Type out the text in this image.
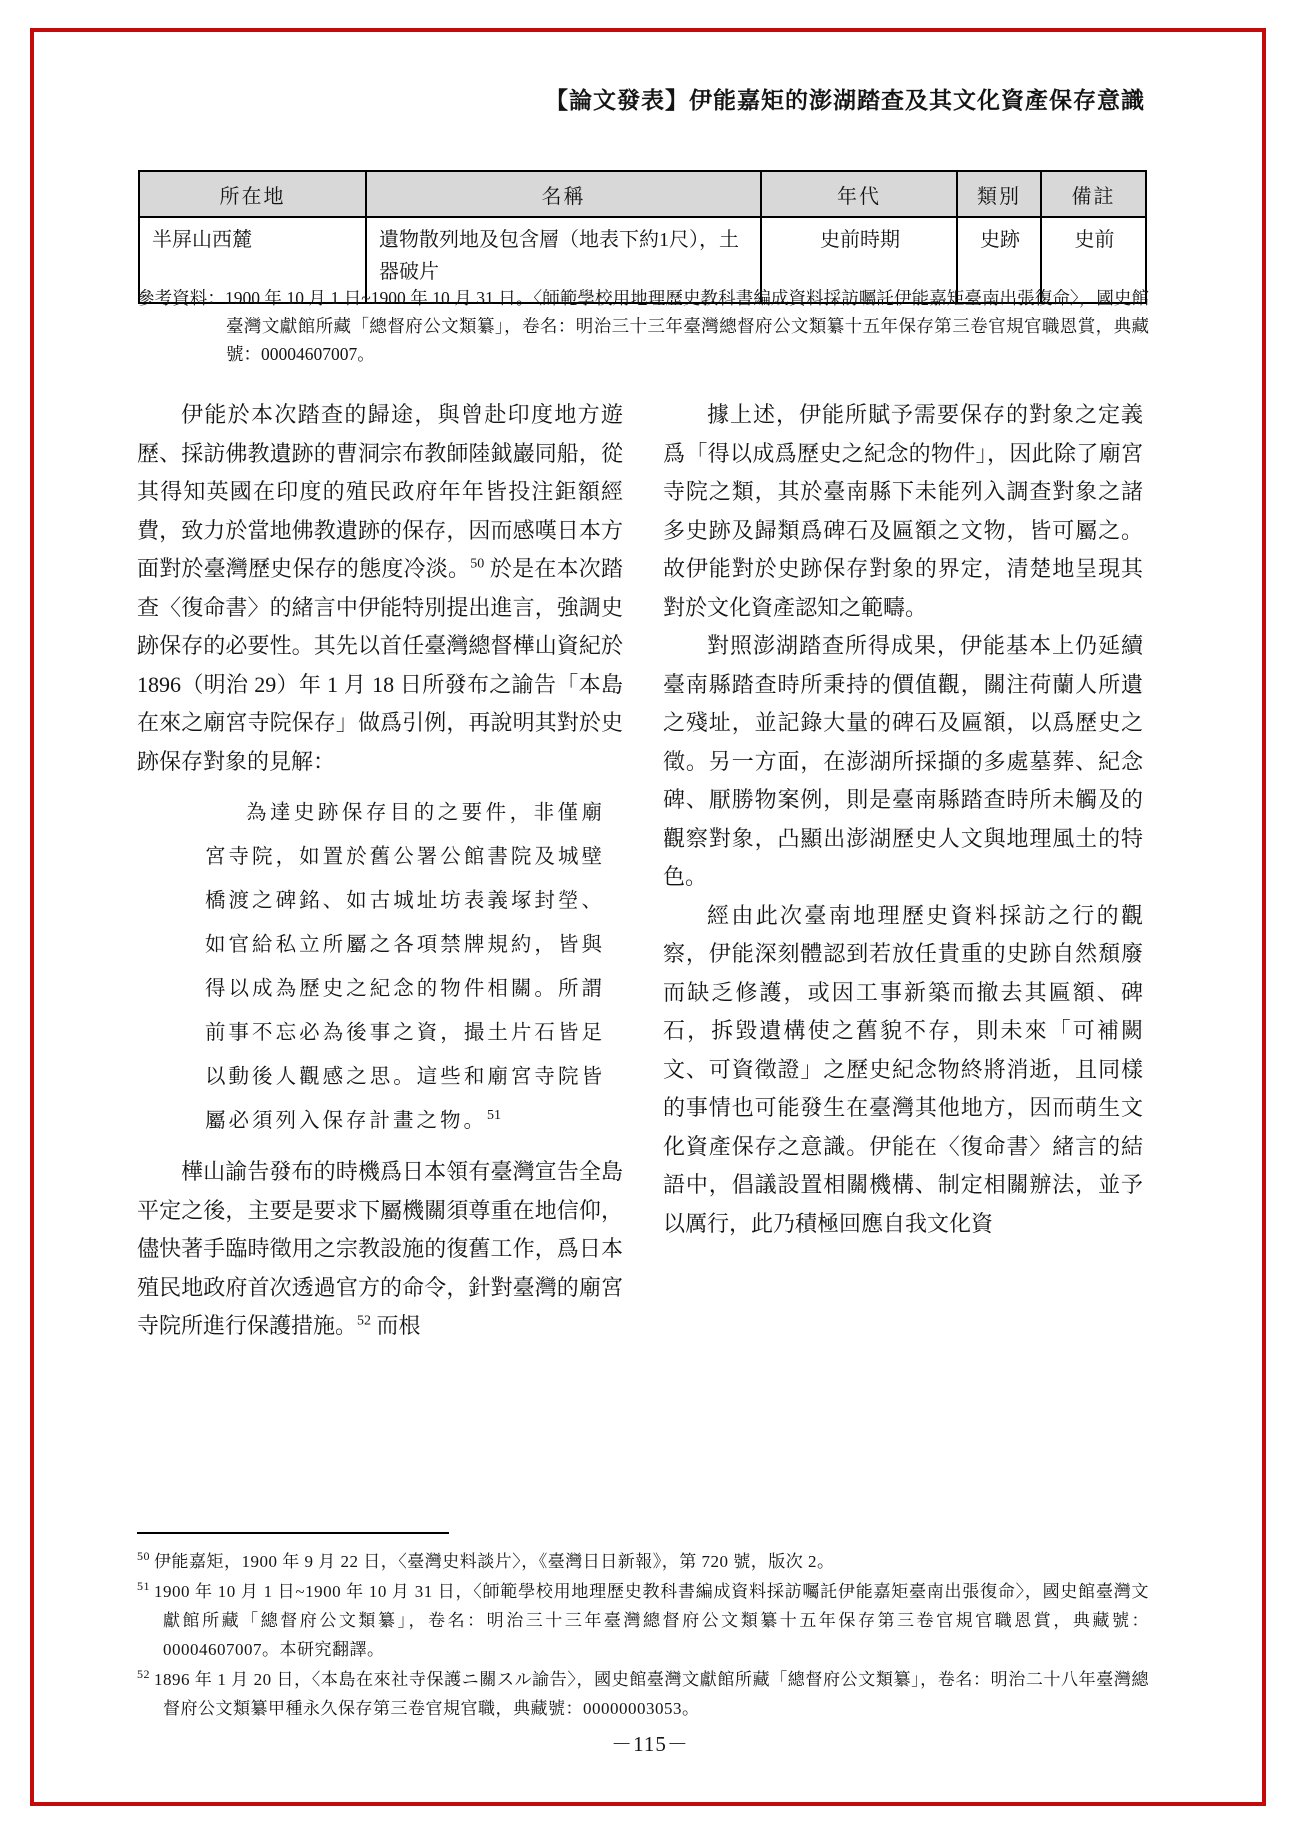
【論文發表】伊能嘉矩的澎湖踏查及其文化資產保存意識
所在地	名稱	年代	類別	備註
半屏山西麓	遺物散列地及包含層（地表下約1尺），土器破片	史前時期	史跡	史前
參考資料：1900 年 10 月 1 日~1900 年 10 月 31 日。〈師範學校用地理歷史教科書編成資料採訪囑託伊能嘉矩臺南出張復命〉，國史館臺灣文獻館所藏「總督府公文類纂」，卷名：明治三十三年臺灣總督府公文類纂十五年保存第三卷官規官職恩賞，典藏號：00004607007。

伊能於本次踏查的歸途，與曾赴印度地方遊歷、採訪佛教遺跡的曹洞宗布教師陸鉞巖同船，從其得知英國在印度的殖民政府年年皆投注鉅額經費，致力於當地佛教遺跡的保存，因而感嘆日本方面對於臺灣歷史保存的態度冷淡。$^{50}$ 於是在本次踏查〈復命書〉的緒言中伊能特別提出進言，強調史跡保存的必要性。其先以首任臺灣總督樺山資紀於 1896（明治 29）年 1 月 18 日所發布之諭告「本島在來之廟宮寺院保存」做爲引例，再說明其對於史跡保存對象的見解：

為達史跡保存目的之要件，非僅廟宮寺院，如置於舊公署公館書院及城壁橋渡之碑銘、如古城址坊表義塚封塋、如官給私立所屬之各項禁牌規約，皆與得以成為歷史之紀念的物件相關。所謂前事不忘必為後事之資，撮土片石皆足以動後人觀感之思。這些和廟宮寺院皆屬必須列入保存計畫之物。$^{51}$

樺山諭告發布的時機爲日本領有臺灣宣告全島平定之後，主要是要求下屬機關須尊重在地信仰，儘快著手臨時徵用之宗教設施的復舊工作，爲日本殖民地政府首次透過官方的命令，針對臺灣的廟宮寺院所進行保護措施。$^{52}$ 而根

據上述，伊能所賦予需要保存的對象之定義爲「得以成爲歷史之紀念的物件」，因此除了廟宮寺院之類，其於臺南縣下未能列入調查對象之諸多史跡及歸類爲碑石及匾額之文物，皆可屬之。故伊能對於史跡保存對象的界定，清楚地呈現其對於文化資產認知之範疇。

對照澎湖踏查所得成果，伊能基本上仍延續臺南縣踏查時所秉持的價值觀，關注荷蘭人所遺之殘址，並記錄大量的碑石及匾額，以爲歷史之徵。另一方面，在澎湖所採擷的多處墓葬、紀念碑、厭勝物案例，則是臺南縣踏查時所未觸及的觀察對象，凸顯出澎湖歷史人文與地理風土的特色。

經由此次臺南地理歷史資料採訪之行的觀察，伊能深刻體認到若放任貴重的史跡自然頹廢而缺乏修護，或因工事新築而撤去其匾額、碑石，拆毀遺構使之舊貌不存，則未來「可補闕文、可資徵證」之歷史紀念物終將消逝，且同樣的事情也可能發生在臺灣其他地方，因而萌生文化資產保存之意識。伊能在〈復命書〉緒言的結語中，倡議設置相關機構、制定相關辦法，並予以厲行，此乃積極回應自我文化資

$^{50}$ 伊能嘉矩，1900 年 9 月 22 日，〈臺灣史料談片〉，《臺灣日日新報》，第 720 號，版次 2。

$^{51}$ 1900 年 10 月 1 日~1900 年 10 月 31 日，〈師範學校用地理歷史教科書編成資料採訪囑託伊能嘉矩臺南出張復命〉，國史館臺灣文獻館所藏「總督府公文類纂」，卷名：明治三十三年臺灣總督府公文類纂十五年保存第三卷官規官職恩賞，典藏號：00004607007。本研究翻譯。

$^{52}$ 1896 年 1 月 20 日，〈本島在來社寺保護ニ關スル諭告〉，國史館臺灣文獻館所藏「總督府公文類纂」，卷名：明治二十八年臺灣總督府公文類纂甲種永久保存第三卷官規官職，典藏號：00000003053。

－115－
